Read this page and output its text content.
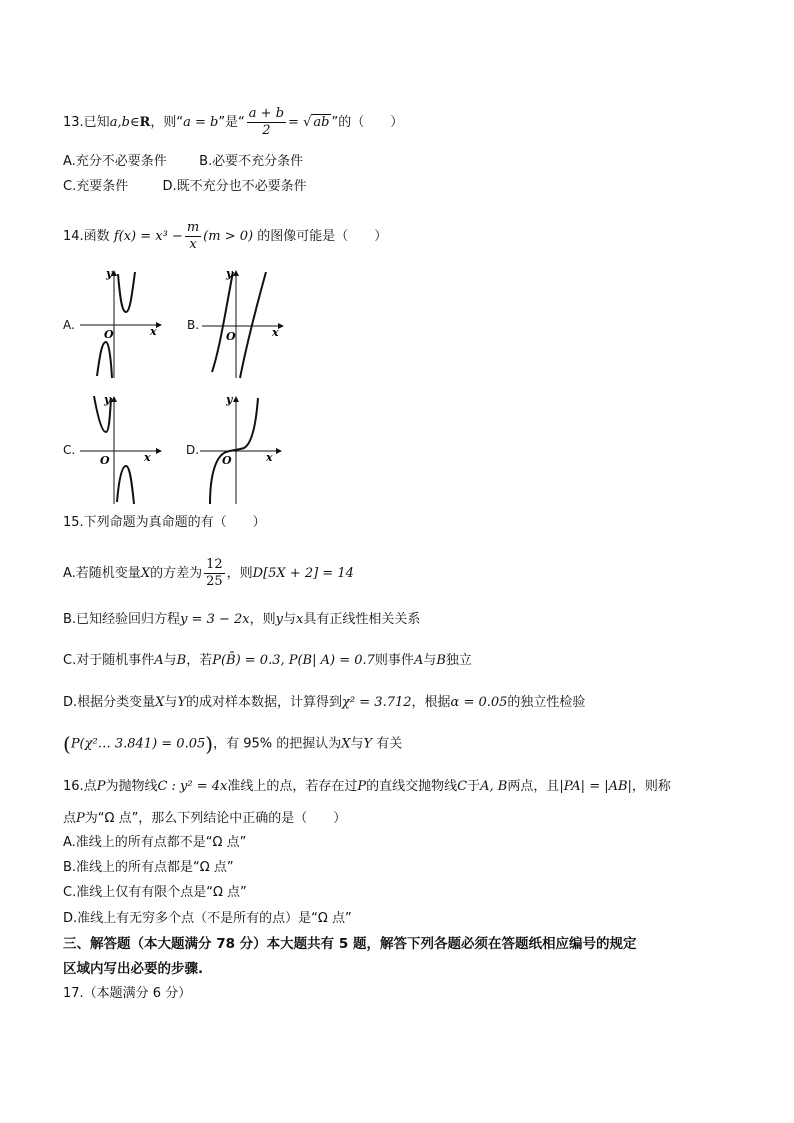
13.已知a,b∈R，则“a = b”是“ $\frac{a + b}{2}$ = √ ab ”的（　　）
A.充分不必要条件 B.必要不充分条件
C.充要条件	D.既不充分也不必要条件
14.函数 $f(x) = x^3 - \frac{m}{x} (m > 0)$ 的图像可能是（　　）
A.
y
x
O
B.
y
x
O
C.
y
x
O
D.
y
x
O
15.下列命题为真命题的有（　　）
A.若随机变量X的方差为 $\frac{12}{25}$ ，则D[5X + 2] = 14
B.已知经验回归方程y = 3 − 2x，则y与x具有正线性相关关系
C.对于随机事件A与B，若P(B̄) = 0.3, P(B| A) = 0.7则事件A与B独立
D.根据分类变量X与Y的成对样本数据，计算得到χ² = 3.712，根据α = 0.05的独立性检验
(P(χ²… 3.841) = 0.05)，有 95% 的把握认为X与Y 有关
16.点P为抛物线C : y² = 4x准线上的点，若存在过P的直线交抛物线C于A, B两点，且|PA| = |AB|，则称
点P为“Ω 点”，那么下列结论中正确的是（　　）
A.准线上的所有点都不是“Ω 点”
B.准线上的所有点都是“Ω 点”
C.准线上仅有有限个点是“Ω 点”
D.准线上有无穷多个点（不是所有的点）是“Ω 点”
三、解答题（本大题满分 78 分）本大题共有 5 题，解答下列各题必须在答题纸相应编号的规定
区域内写出必要的步骤.
17.（本题满分 6 分）
